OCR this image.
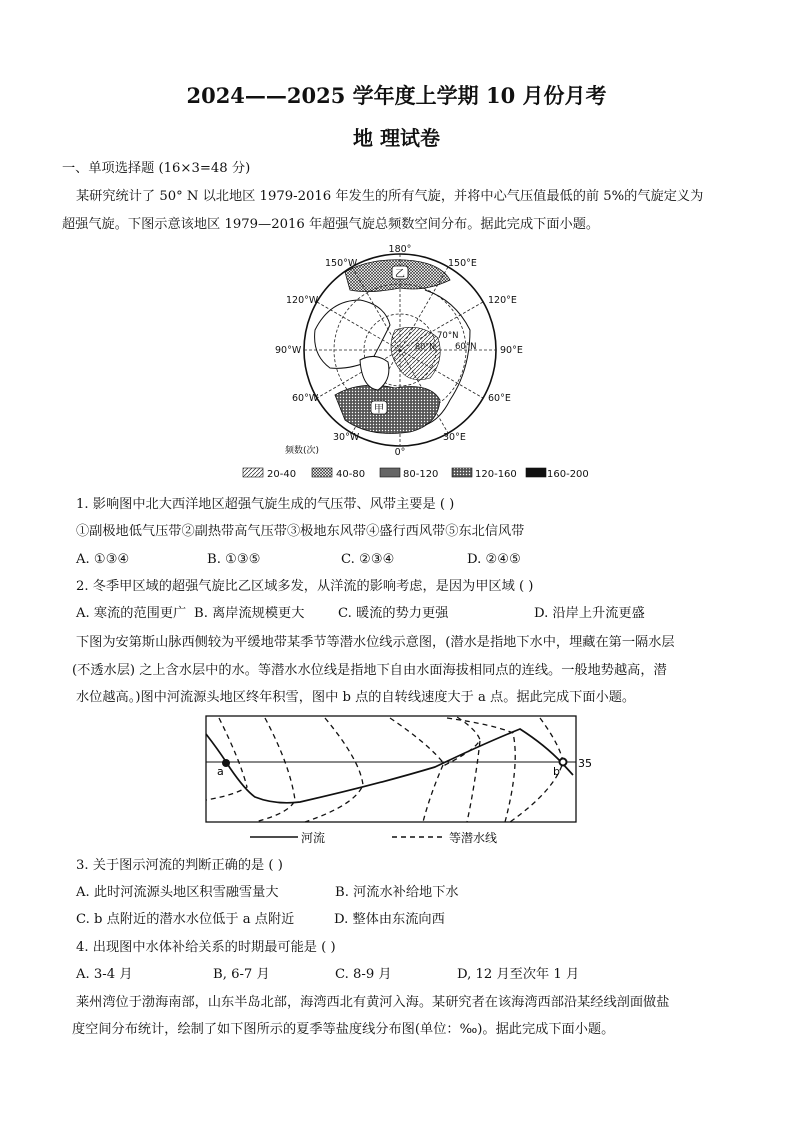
2024——2025 学年度上学期 10 月份月考
地 理试卷
一、单项选择题 (16×3=48 分)
某研究统计了 50° N 以北地区 1979-2016 年发生的所有气旋，并将中心气压值最低的前 5%的气旋定义为
超强气旋。下图示意该地区 1979—2016 年超强气旋总频数空间分布。据此完成下面小题。
乙
甲
180°
150°E
120°E
90°E
60°E
30°E
0°
30°W
60°W
90°W
120°W
150°W
70°N
60°N
80°N
频数(次)
20-40	40-80	80-120	120-160	160-200
1. 影响图中北大西洋地区超强气旋生成的气压带、风带主要是 ( )
①副极地低气压带②副热带高气压带③极地东风带④盛行西风带⑤东北信风带
A. ①③④	B. ①③⑤	C. ②③④	D. ②④⑤
2. 冬季甲区域的超强气旋比乙区域多发，从洋流的影响考虑，是因为甲区域 ( )
A. 寒流的范围更广 B. 离岸流规模更大	C. 暖流的势力更强	D. 沿岸上升流更盛
下图为安第斯山脉西侧较为平缓地带某季节等潜水位线示意图，(潜水是指地下水中，埋藏在第一隔水层
(不透水层) 之上含水层中的水。等潜水水位线是指地下自由水面海拔相同点的连线。一般地势越高，潜
水位越高。)图中河流源头地区终年积雪，图中 b 点的自转线速度大于 a 点。据此完成下面小题。
a	b
35
河流	等潜水线
3. 关于图示河流的判断正确的是 ( )
A. 此时河流源头地区积雪融雪量大	B. 河流水补给地下水
C. b 点附近的潜水水位低于 a 点附近	D. 整体由东流向西
4. 出现图中水体补给关系的时期最可能是 ( )
A. 3-4 月	B, 6-7 月	C. 8-9 月	D, 12 月至次年 1 月
莱州湾位于渤海南部，山东半岛北部，海湾西北有黄河入海。某研究者在该海湾西部沿某经线剖面做盐
度空间分布统计，绘制了如下图所示的夏季等盐度线分布图(单位：‰)。据此完成下面小题。
